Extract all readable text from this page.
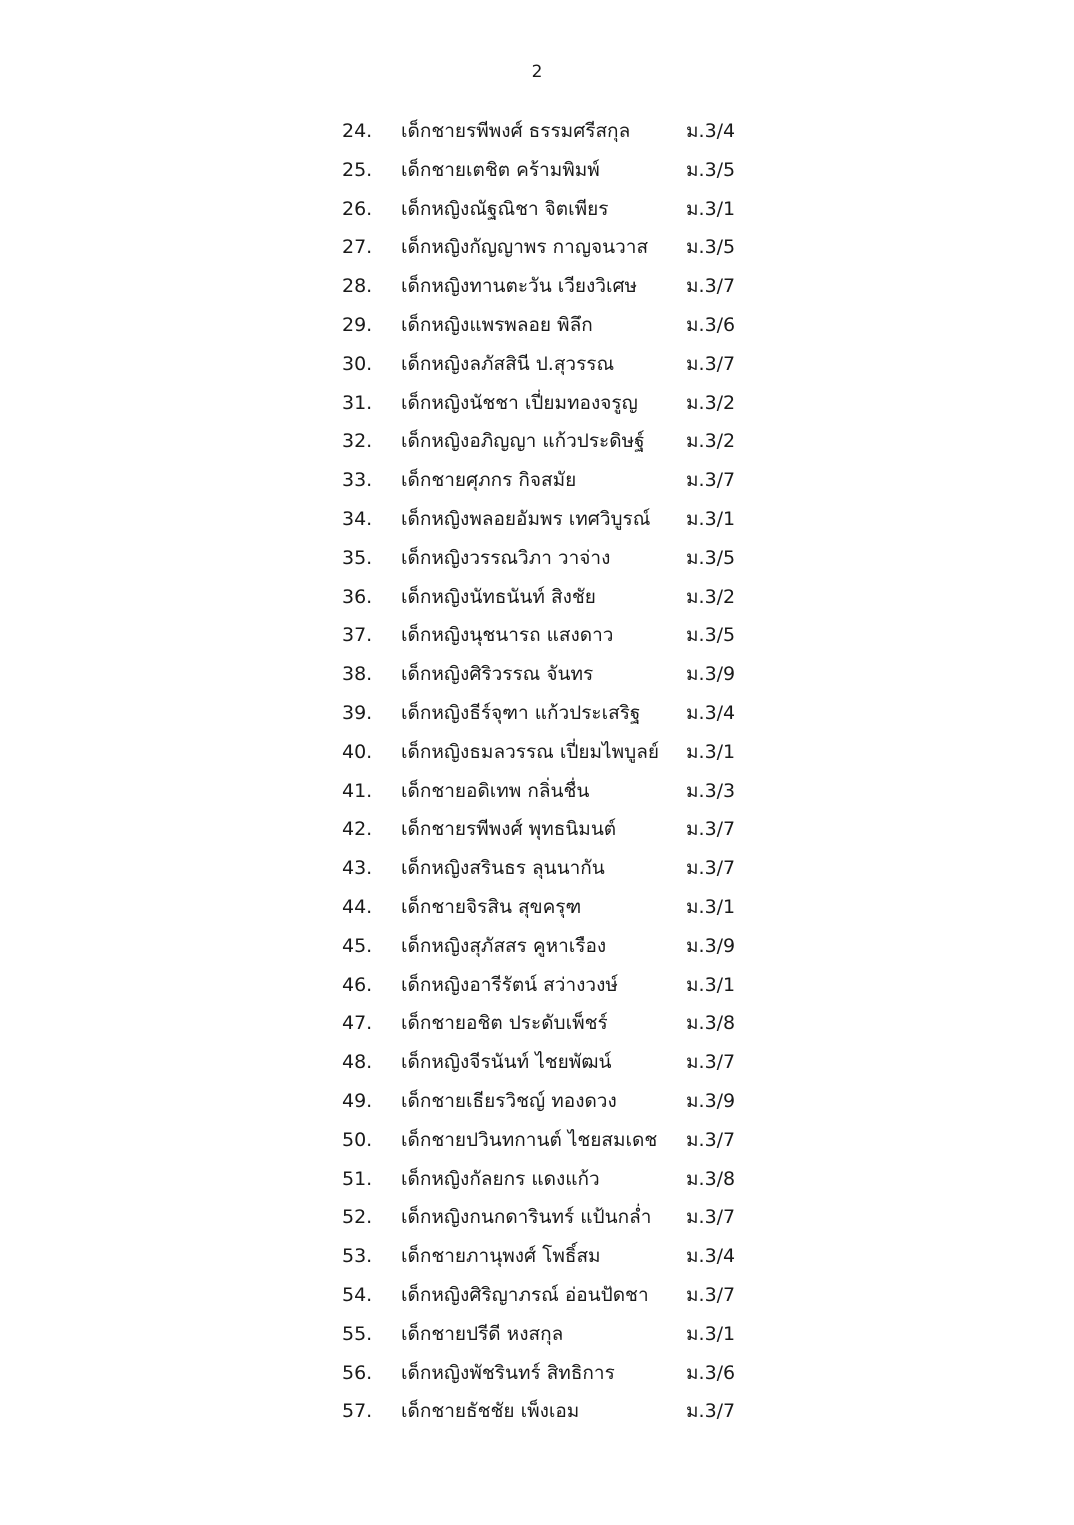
2
24. เด็กชายรพีพงศ์ ธรรมศรีสกุล	ม.3/4
25. เด็กชายเตชิต คร้ามพิมพ์	ม.3/5
26. เด็กหญิงณัฐณิชา จิตเพียร	ม.3/1
27. เด็กหญิงกัญญาพร กาญจนวาส ม.3/5
28. เด็กหญิงทานตะวัน เวียงวิเศษ	ม.3/7
29. เด็กหญิงแพรพลอย พิลึก	ม.3/6
30. เด็กหญิงลภัสสินี ป.สุวรรณ	ม.3/7
31. เด็กหญิงนัชชา เปี่ยมทองจรูญ	ม.3/2
32. เด็กหญิงอภิญญา แก้วประดิษฐ์ ม.3/2
33. เด็กชายศุภกร กิจสมัย	ม.3/7
34. เด็กหญิงพลอยอัมพร เทศวิบูรณ์ ม.3/1
35. เด็กหญิงวรรณวิภา วาจ่าง	ม.3/5
36. เด็กหญิงนัทธนันท์ สิงชัย	ม.3/2
37. เด็กหญิงนุชนารถ แสงดาว	ม.3/5
38. เด็กหญิงศิริวรรณ จันทร	ม.3/9
39. เด็กหญิงธีร์จุฑา แก้วประเสริฐ ม.3/4
40. เด็กหญิงธมลวรรณ เปี่ยมไพบูลย์ ม.3/1
41. เด็กชายอดิเทพ กลิ่นชื่น	ม.3/3
42. เด็กชายรพีพงศ์ พุทธนิมนต์	ม.3/7
43. เด็กหญิงสรินธร ลุนนากัน	ม.3/7
44. เด็กชายจิรสิน สุขครุฑ	ม.3/1
45. เด็กหญิงสุภัสสร คูหาเรือง	ม.3/9
46. เด็กหญิงอารีรัตน์ สว่างวงษ์	ม.3/1
47. เด็กชายอชิต ประดับเพ็ชร์	ม.3/8
48. เด็กหญิงจีรนันท์ ไชยพัฒน์	ม.3/7
49. เด็กชายเธียรวิชญ์ ทองดวง	ม.3/9
50. เด็กชายปวินทกานต์ ไชยสมเดช ม.3/7
51. เด็กหญิงกัลยกร แดงแก้ว	ม.3/8
52. เด็กหญิงกนกดารินทร์ แป้นกล่ำ ม.3/7
53. เด็กชายภานุพงศ์ โพธิ์สม	ม.3/4
54. เด็กหญิงศิริญาภรณ์ อ่อนปัดชา ม.3/7
55. เด็กชายปรีดี หงสกุล	ม.3/1
56. เด็กหญิงพัชรินทร์ สิทธิการ	ม.3/6
57. เด็กชายธัชชัย เพ็งเอม	ม.3/7
